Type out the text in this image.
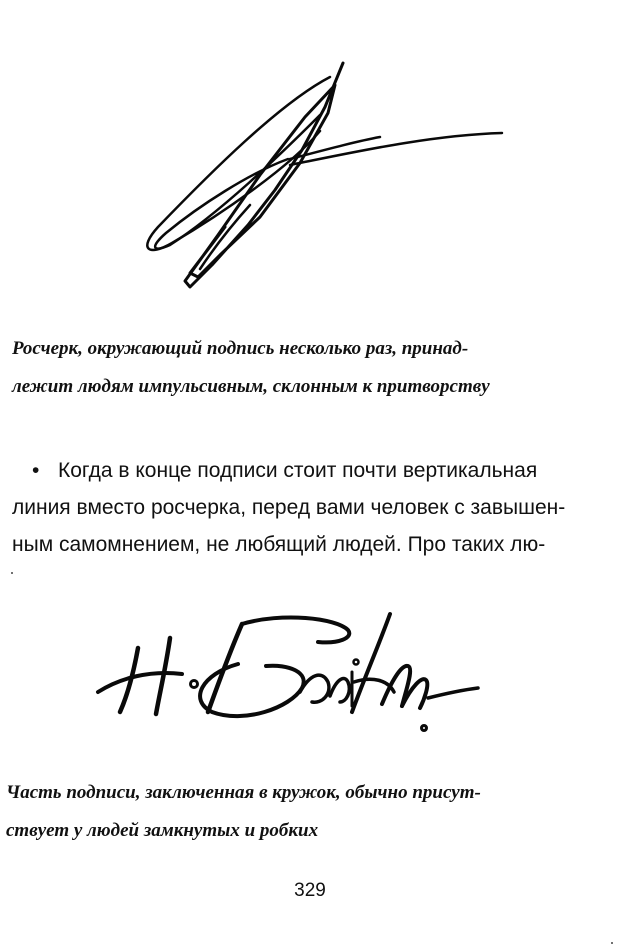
Росчерк, окружающий подпись несколько раз, принад-
лежит людям импульсивным, склонным к притворству
• Когда в конце подписи стоит почти вертикальная
линия вместо росчерка, перед вами человек с завышен-
ным самомнением, не любящий людей. Про таких лю-
Часть подписи, заключенная в кружок, обычно присут-
ствует у людей замкнутых и робких
329
